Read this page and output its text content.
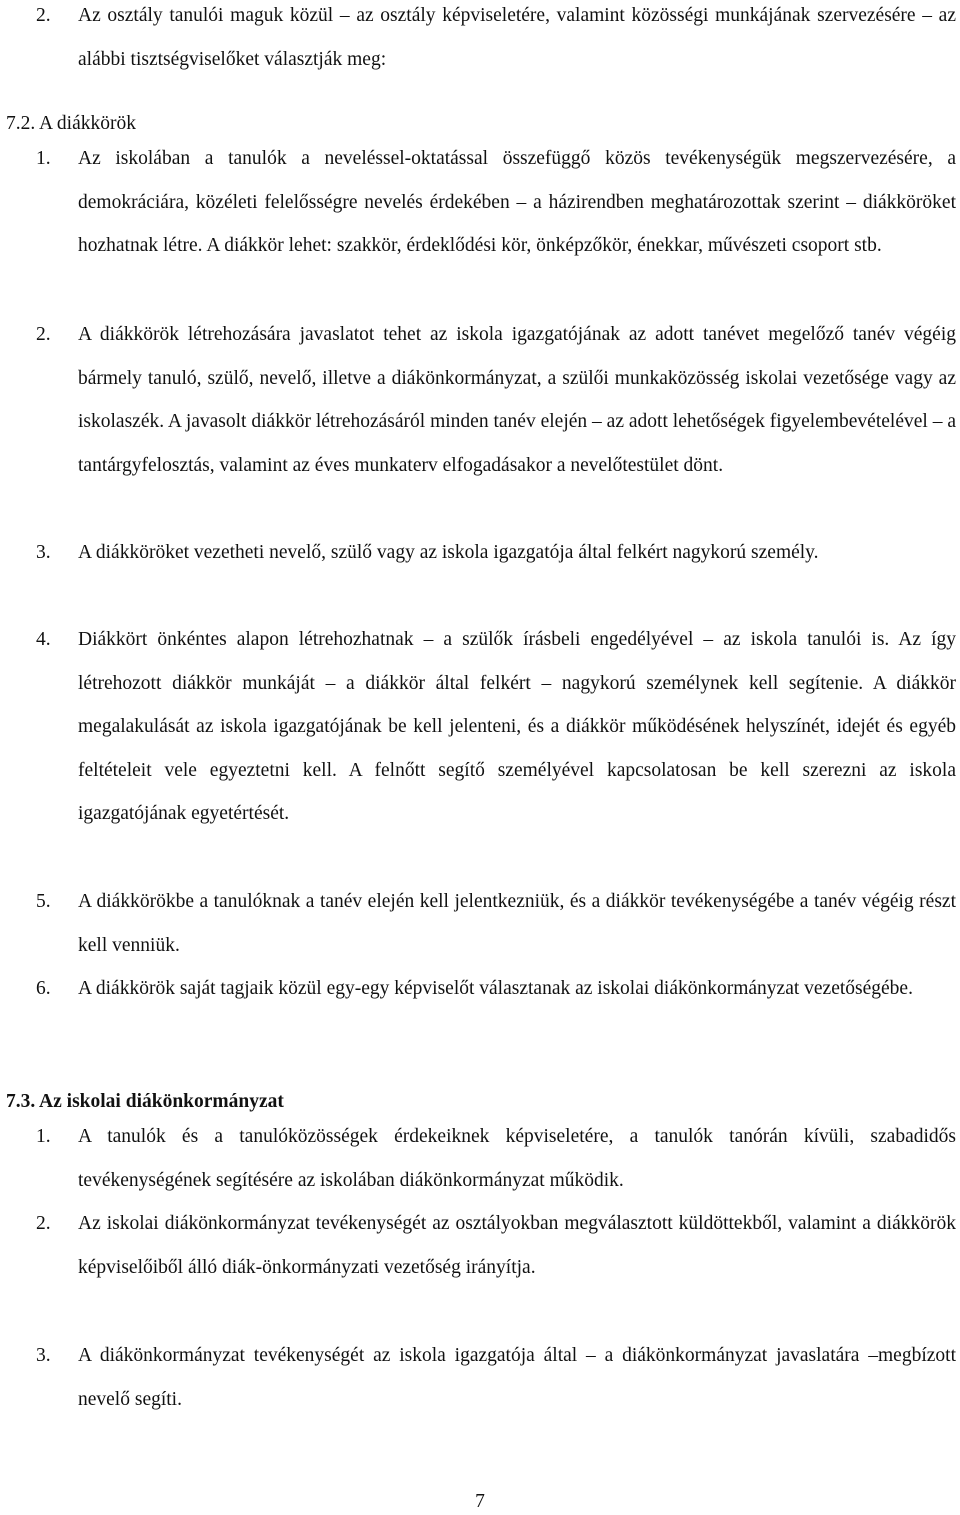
2.	Az osztály tanulói maguk közül – az osztály képviseletére, valamint közösségi munkájának szervezésére – az alábbi tisztségviselőket választják meg:
7.2. A diákkörök
1.	Az iskolában a tanulók a neveléssel-oktatással összefüggő közös tevékenységük megszervezésére, a demokráciára, közéleti felelősségre nevelés érdekében – a házirendben meghatározottak szerint – diákköröket hozhatnak létre. A diákkör lehet: szakkör, érdeklődési kör, önképzőkör, énekkar, művészeti csoport stb.
2.	A diákkörök létrehozására javaslatot tehet az iskola igazgatójának az adott tanévet megelőző tanév végéig bármely tanuló, szülő, nevelő, illetve a diákönkormányzat, a szülői munkaközösség iskolai vezetősége vagy az iskolaszék. A javasolt diákkör létrehozásáról minden tanév elején – az adott lehetőségek figyelembevételével – a tantárgyfelosztás, valamint az éves munkaterv elfogadásakor a nevelőtestület dönt.
3.	A diákköröket vezetheti nevelő, szülő vagy az iskola igazgatója által felkért nagykorú személy.
4.	Diákkört önkéntes alapon létrehozhatnak – a szülők írásbeli engedélyével – az iskola tanulói is. Az így létrehozott diákkör munkáját – a diákkör által felkért – nagykorú személynek kell segítenie. A diákkör megalakulását az iskola igazgatójának be kell jelenteni, és a diákkör működésének helyszínét, idejét és egyéb feltételeit vele egyeztetni kell. A felnőtt segítő személyével kapcsolatosan be kell szerezni az iskola igazgatójának egyetértését.
5.	A diákkörökbe a tanulóknak a tanév elején kell jelentkezniük, és a diákkör tevékenységébe a tanév végéig részt kell venniük.
6.	A diákkörök saját tagjaik közül egy-egy képviselőt választanak az iskolai diákönkormányzat vezetőségébe.
7.3. Az iskolai diákönkormányzat
1.	A tanulók és a tanulóközösségek érdekeiknek képviseletére, a tanulók tanórán kívüli, szabadidős tevékenységének segítésére az iskolában diákönkormányzat működik.
2.	Az iskolai diákönkormányzat tevékenységét az osztályokban megválasztott küldöttekből, valamint a diákkörök képviselőiből álló diák-önkormányzati vezetőség irányítja.
3.	A diákönkormányzat tevékenységét az iskola igazgatója által – a diákönkormányzat javaslatára –megbízott nevelő segíti.
7
